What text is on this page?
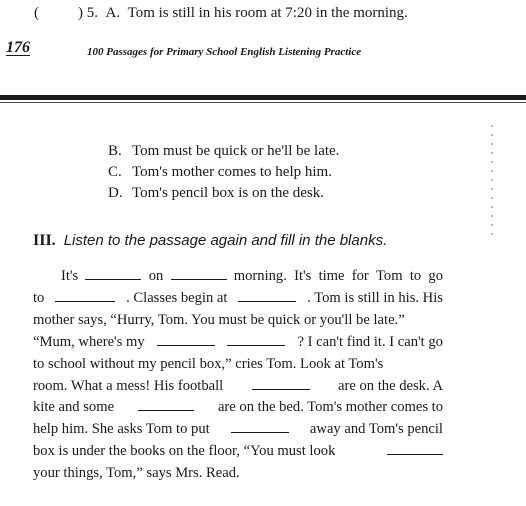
(	) 5. A. Tom is still in his room at 7:20 in the morning.
176	100 Passages for Primary School English Listening Practice
B. Tom must be quick or he'll be late.
C. Tom's mother comes to help him.
D. Tom's pencil box is on the desk.
III. Listen to the passage again and fill in the blanks.
It's	on	morning. It's time for Tom to go
to	. Classes begin at	. Tom is still in his. His
mother says, “Hurry, Tom. You must be quick or you'll be late.”
“Mum, where's my	? I can't find it. I can't go
to school without my pencil box,” cries Tom. Look at Tom's
room. What a mess! His football	are on the desk. A
kite and some	are on the bed. Tom's mother comes to
help him. She asks Tom to put	away and Tom's pencil
box is under the books on the floor, “You must look
your things, Tom,” says Mrs. Read.
